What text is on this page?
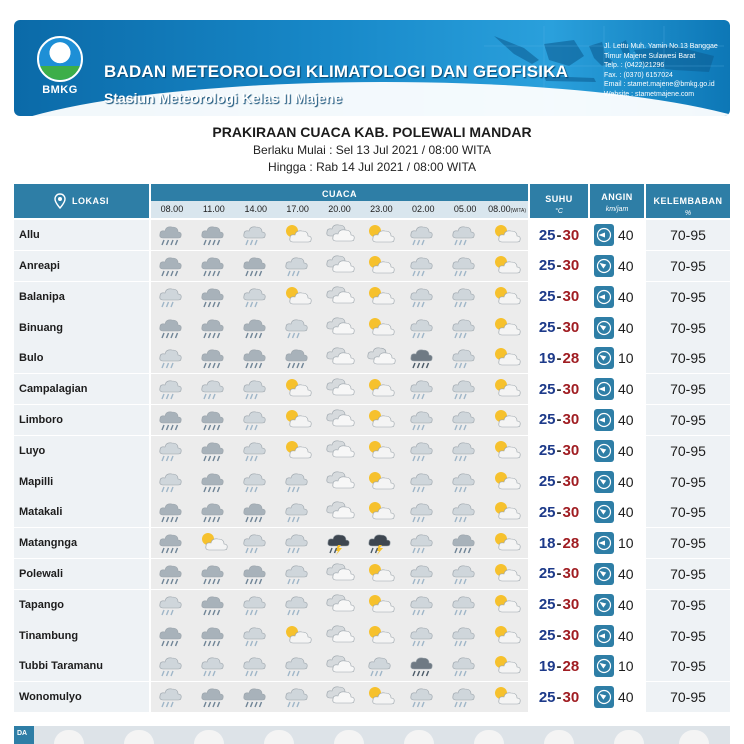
BMKG
BADAN METEOROLOGI KLIMATOLOGI DAN GEOFISIKA
Stasiun Meteorologi Kelas II Majene
Jl. Lettu Muh. Yamin No.13 Banggae
Timur Majene Sulawesi Barat
Telp. : (0422)21296
Fax. : (0370) 6157024
Email : stamet.majene@bmkg.go.id
Website : stametmajene.com
PRAKIRAAN CUACA KAB. POLEWALI MANDAR
Berlaku Mulai : Sel 13 Jul 2021 / 08:00 WITA
Hingga : Rab 14 Jul 2021 / 08:00 WITA
LOKASI
CUACA
08.00	11.00	14.00	17.00	20.00	23.00	02.00	05.00	08.00(WITA)
SUHU
°C
ANGIN
km/jam
KELEMBABAN
%
Allu	25 - 30	40	70-95
Anreapi	25 - 30	40	70-95
Balanipa	25 - 30	40	70-95
Binuang	25 - 30	40	70-95
Bulo	19 - 28	10	70-95
Campalagian	25 - 30	40	70-95
Limboro	25 - 30	40	70-95
Luyo	25 - 30	40	70-95
Mapilli	25 - 30	40	70-95
Matakali	25 - 30	40	70-95
Matangnga	18 - 28	10	70-95
Polewali	25 - 30	40	70-95
Tapango	25 - 30	40	70-95
Tinambung	25 - 30	40	70-95
Tubbi Taramanu	19 - 28	10	70-95
Wonomulyo	25 - 30	40	70-95
DA
